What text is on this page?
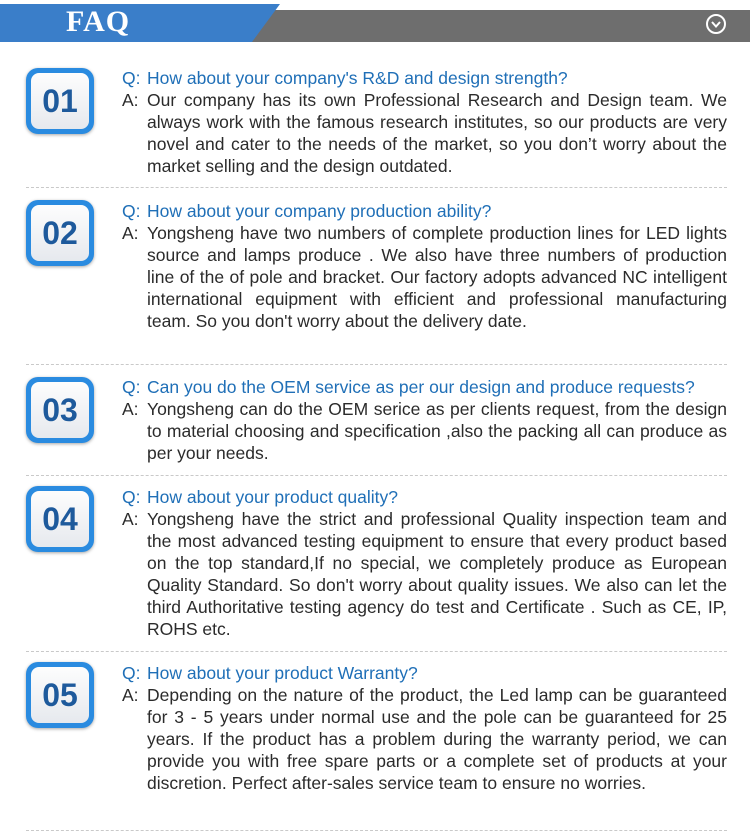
FAQ
01
Q: How about your company's R&D and design strength?
A: Our company has its own Professional Research and Design team. We always work with the famous research institutes, so our products are very novel and cater to the needs of the market, so you don’t worry about the market selling and the design outdated.
02
Q: How about your company production ability?
A: Yongsheng have two numbers of complete production lines for LED lights source and lamps produce . We also have three numbers of production line of the of pole and bracket. Our factory adopts advanced NC intelligent international equipment with efficient and professional manufacturing team. So you don't worry about the delivery date.
03
Q: Can you do the OEM service as per our design and produce requests?
A: Yongsheng can do the OEM serice as per clients request, from the design to material choosing and specification ,also the packing all can produce as per your needs.
04
Q: How about your product quality?
A: Yongsheng have the strict and professional Quality inspection team and the most advanced testing equipment to ensure that every product based on the top standard,If no special, we completely produce as European Quality Standard. So don't worry about quality issues. We also can let the third Authoritative testing agency do test and Certificate . Such as CE, IP, ROHS etc.
05
Q: How about your product Warranty?
A: Depending on the nature of the product, the Led lamp can be guaranteed for 3 - 5 years under normal use and the pole can be guaranteed for 25 years. If the product has a problem during the warranty period, we can provide you with free spare parts or a complete set of products at your discretion. Perfect after-sales service team to ensure no worries.
